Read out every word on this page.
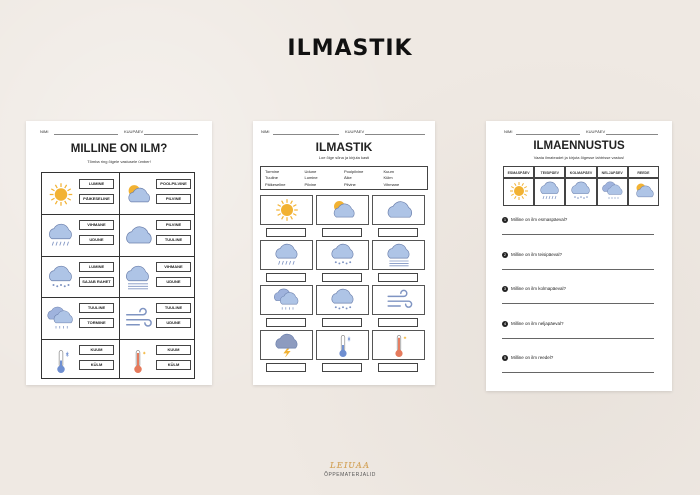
ILMASTIK
NIMI	KUUPÄEV
MILLINE ON ILM?
Tõmba ring õigele vastusele ümber!
LUMINE
PÄIKESELINE
POOLPILVINE
PILVINE
VIHMANE
UDUNE
PILVINE
TUULINE
LUMINE
SAJAB RAHET
VIHMANE
UDUNE
TUULINE
TORMINE
TUULINE
UDUNE
KUUM
KÜLM
KUUM
KÜLM
NIMI	KUUPÄEV
ILMASTIK
Loe õige sõna ja kirjuta kasti
Tormine	Udune	Poolpilvine	Kuum
Tuuline	Lumine	Äike	Külm
Päikeseline	Pilvine	Pilvine	Vihmane
NIMI	KUUPÄEV
ILMAENNUSTUS
Vaata ilmateadet ja kirjuta õigesse lahtrisse vastus!
ESMASPÄEV	TEISIPÄEV	KOLMAPÄEV	NELJAPÄEV	REEDE
1	Milline on ilm esmaspäeval?
2	Milline on ilm teisipäeval?
3	Milline on ilm kolmapäeval?
4	Milline on ilm neljapäeval?
5	Milline on ilm reedel?
ʟᴇɪᴜᴀᴀ
ÕPPEMATERJALID
